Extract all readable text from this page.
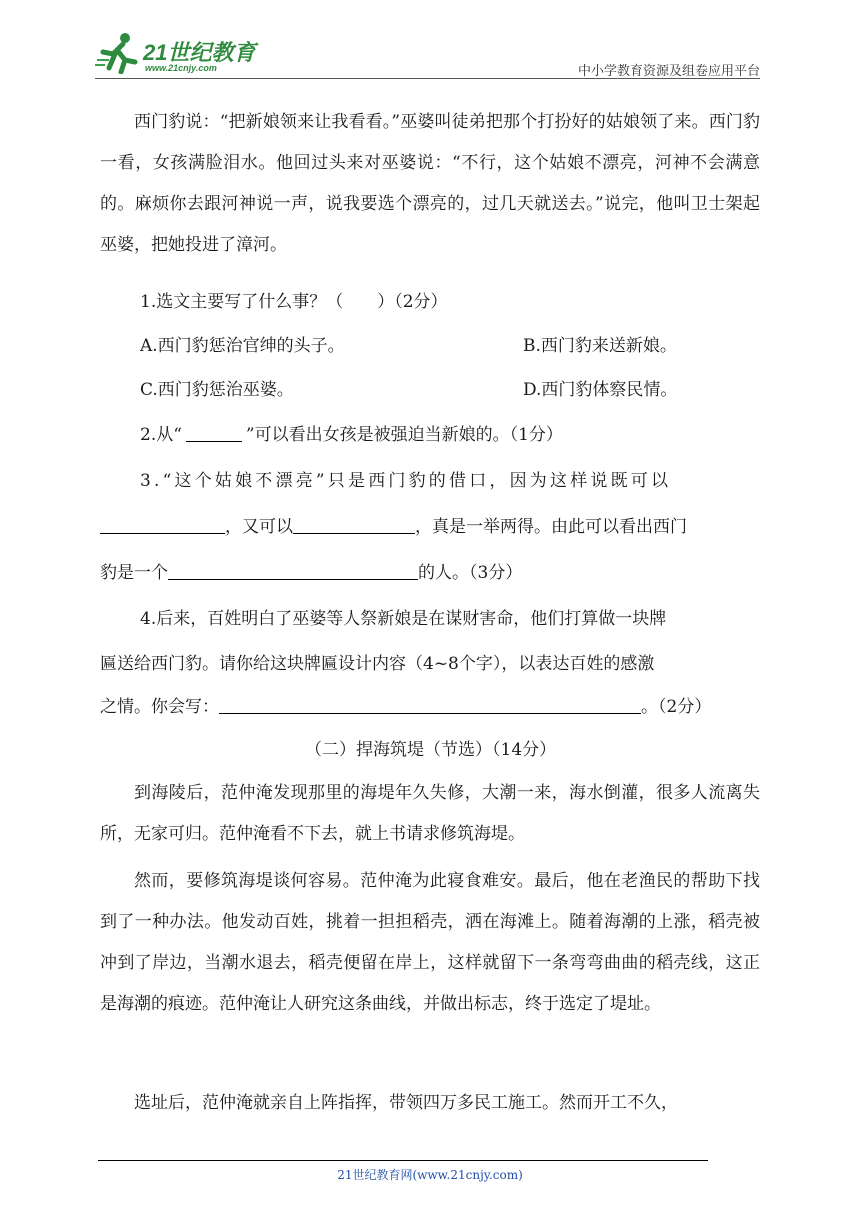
21世纪教育
www.21cnjy.com	中小学教育资源及组卷应用平台
西门豹说：“把新娘领来让我看看。”巫婆叫徒弟把那个打扮好的姑娘领了来。西门豹一看，女孩满脸泪水。他回过头来对巫婆说：“不行，这个姑娘不漂亮，河神不会满意的。麻烦你去跟河神说一声，说我要选个漂亮的，过几天就送去。”说完，他叫卫士架起巫婆，把她投进了漳河。
1.选文主要写了什么事？（　　）（2分）
A.西门豹惩治官绅的头子。	B.西门豹来送新娘。
C.西门豹惩治巫婆。	D.西门豹体察民情。
2.从“	”可以看出女孩是被强迫当新娘的。（1分）
3.“这个姑娘不漂亮”只是西门豹的借口，因为这样说既可以
，又可以	，真是一举两得。由此可以看出西门
豹是一个	的人。（3分）
4.后来，百姓明白了巫婆等人祭新娘是在谋财害命，他们打算做一块牌
匾送给西门豹。请你给这块牌匾设计内容（4~8个字），以表达百姓的感激
之情。你会写：	。（2分）
（二）捍海筑堤（节选）（14分）
到海陵后，范仲淹发现那里的海堤年久失修，大潮一来，海水倒灌，很多人流离失所，无家可归。范仲淹看不下去，就上书请求修筑海堤。
然而，要修筑海堤谈何容易。范仲淹为此寝食难安。最后，他在老渔民的帮助下找到了一种办法。他发动百姓，挑着一担担稻壳，洒在海滩上。随着海潮的上涨，稻壳被冲到了岸边，当潮水退去，稻壳便留在岸上，这样就留下一条弯弯曲曲的稻壳线，这正是海潮的痕迹。范仲淹让人研究这条曲线，并做出标志，终于选定了堤址。
选址后，范仲淹就亲自上阵指挥，带领四万多民工施工。然而开工不久，
21世纪教育网(www.21cnjy.com)
